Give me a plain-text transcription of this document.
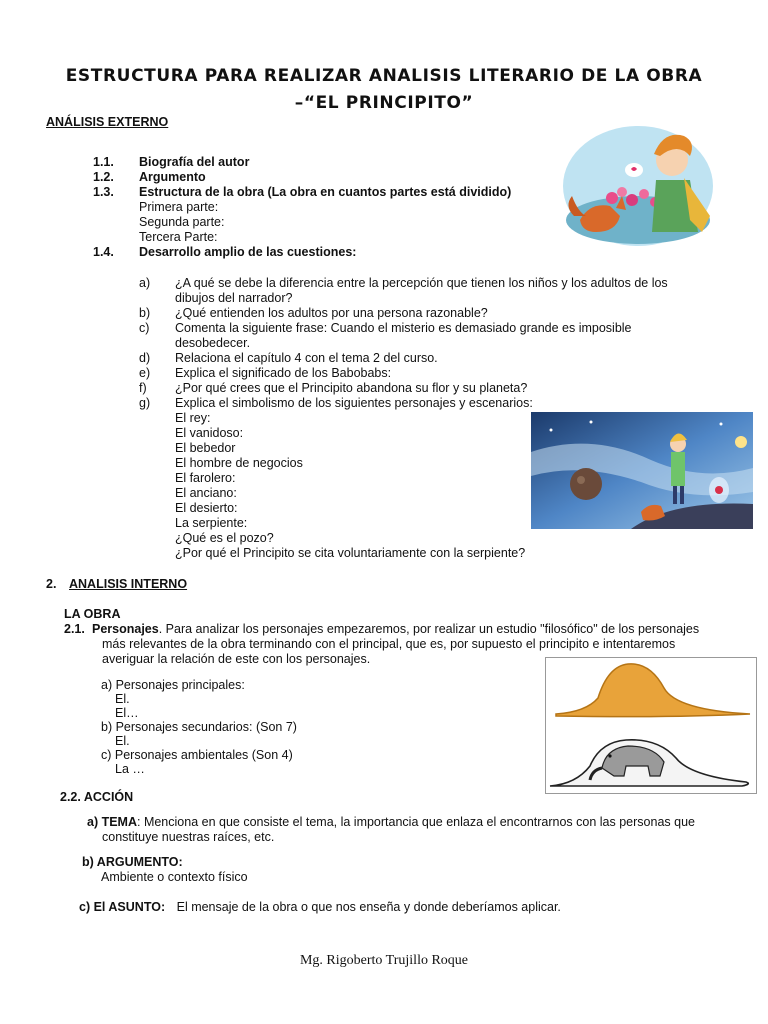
ESTRUCTURA PARA REALIZAR ANALISIS LITERARIO DE LA OBRA
–“EL PRINCIPITO”
ANÁLISIS EXTERNO
1.1. Biografía del autor
1.2. Argumento
1.3. Estructura de la obra (La obra en cuantos partes está dividido)
Primera parte:
Segunda parte:
Tercera Parte:
1.4. Desarrollo amplio de las cuestiones:
a) ¿A qué se debe la diferencia entre la percepción que tienen los niños y los adultos de los
dibujos del narrador?
b) ¿Qué entienden los adultos por una persona razonable?
c) Comenta la siguiente frase: Cuando el misterio es demasiado grande es imposible
desobedecer.
d) Relaciona el capítulo 4 con el tema 2 del curso.
e) Explica el significado de los Babobabs:
f) ¿Por qué crees que el Principito abandona su flor y su planeta?
g) Explica el simbolismo de los siguientes personajes y escenarios:
El rey:
El vanidoso:
El bebedor
El hombre de negocios
El farolero:
El anciano:
El desierto:
La serpiente:
¿Qué es el pozo?
¿Por qué el Principito se cita voluntariamente con la serpiente?
2. ANALISIS INTERNO
LA OBRA
2.1. Personajes. Para analizar los personajes empezaremos, por realizar un estudio "filosófico" de los personajes
más relevantes de la obra terminando con el principal, que es, por supuesto el principito e intentaremos
averiguar la relación de este con los personajes.
a) Personajes principales:
El.
El…
b) Personajes secundarios: (Son 7)
El.
c) Personajes ambientales (Son 4)
La …
2.2. ACCIÓN
a) TEMA: Menciona en que consiste el tema, la importancia que enlaza el encontrarnos con las personas que
constituye nuestras raíces, etc.
b) ARGUMENTO:
Ambiente o contexto físico
c) El ASUNTO: El mensaje de la obra o que nos enseña y donde deberíamos aplicar.
Mg. Rigoberto Trujillo Roque
